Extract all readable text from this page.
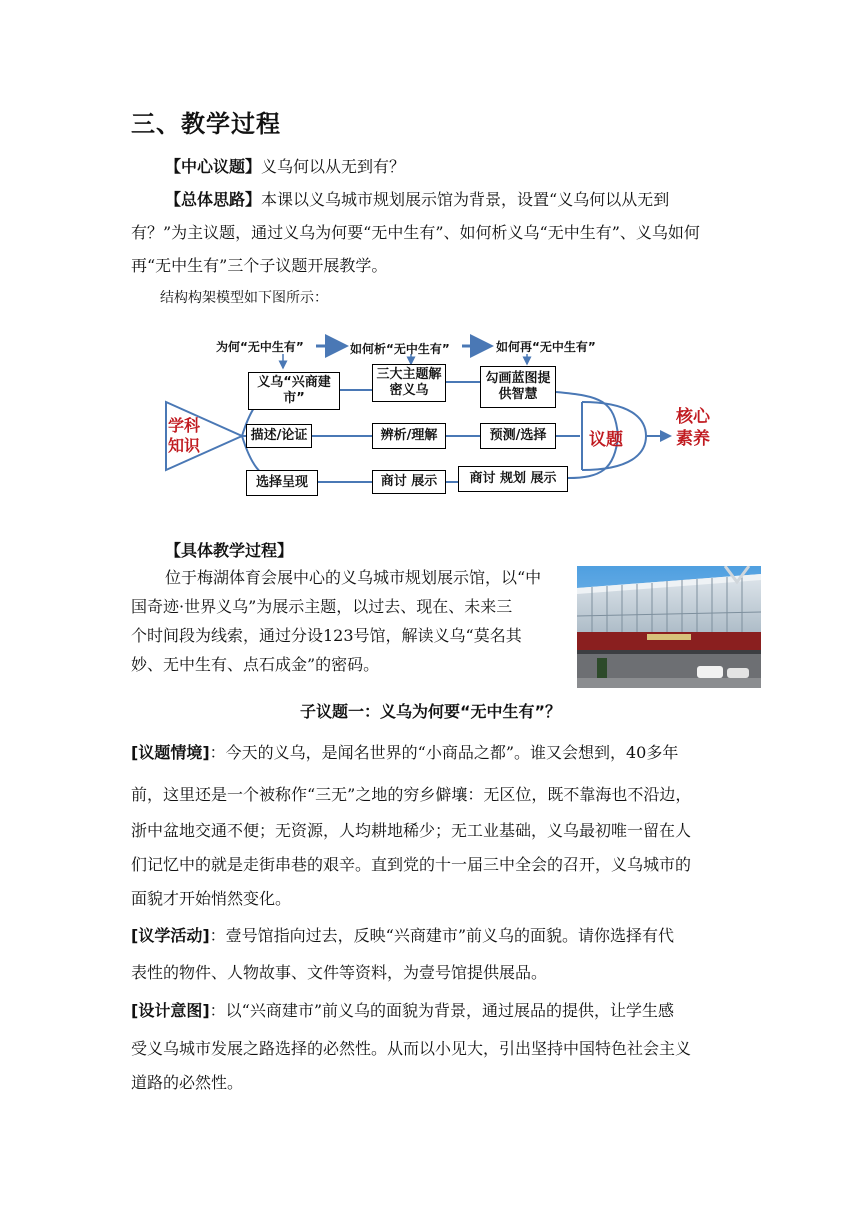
三、教学过程
【中心议题】义乌何以从无到有？
【总体思路】本课以义乌城市规划展示馆为背景，设置“义乌何以从无到
有？”为主议题，通过义乌为何要“无中生有”、如何析义乌“无中生有”、义乌如何
再“无中生有”三个子议题开展教学。
结构构架模型如下图所示：
为何“无中生有”	如何析“无中生有”	如何再“无中生有”
学科知识
义乌“兴商建市”
三大主题解密义乌
勾画蓝图提供智慧
描述/论证	辨析/理解	预测/选择
选择呈现	商讨 展示	商讨 规划 展示
议题
核心素养
【具体教学过程】
位于梅湖体育会展中心的义乌城市规划展示馆，以“中
国奇迹·世界义乌”为展示主题，以过去、现在、未来三
个时间段为线索，通过分设123号馆，解读义乌“莫名其
妙、无中生有、点石成金”的密码。
子议题一：义乌为何要“无中生有”？
[议题情境]：今天的义乌，是闻名世界的“小商品之都”。谁又会想到，40多年
前，这里还是一个被称作“三无”之地的穷乡僻壤：无区位，既不靠海也不沿边，
浙中盆地交通不便；无资源，人均耕地稀少；无工业基础，义乌最初唯一留在人
们记忆中的就是走街串巷的艰辛。直到党的十一届三中全会的召开，义乌城市的
面貌才开始悄然变化。
[议学活动]：壹号馆指向过去，反映“兴商建市”前义乌的面貌。请你选择有代
表性的物件、人物故事、文件等资料，为壹号馆提供展品。
[设计意图]：以“兴商建市”前义乌的面貌为背景，通过展品的提供，让学生感
受义乌城市发展之路选择的必然性。从而以小见大，引出坚持中国特色社会主义
道路的必然性。
